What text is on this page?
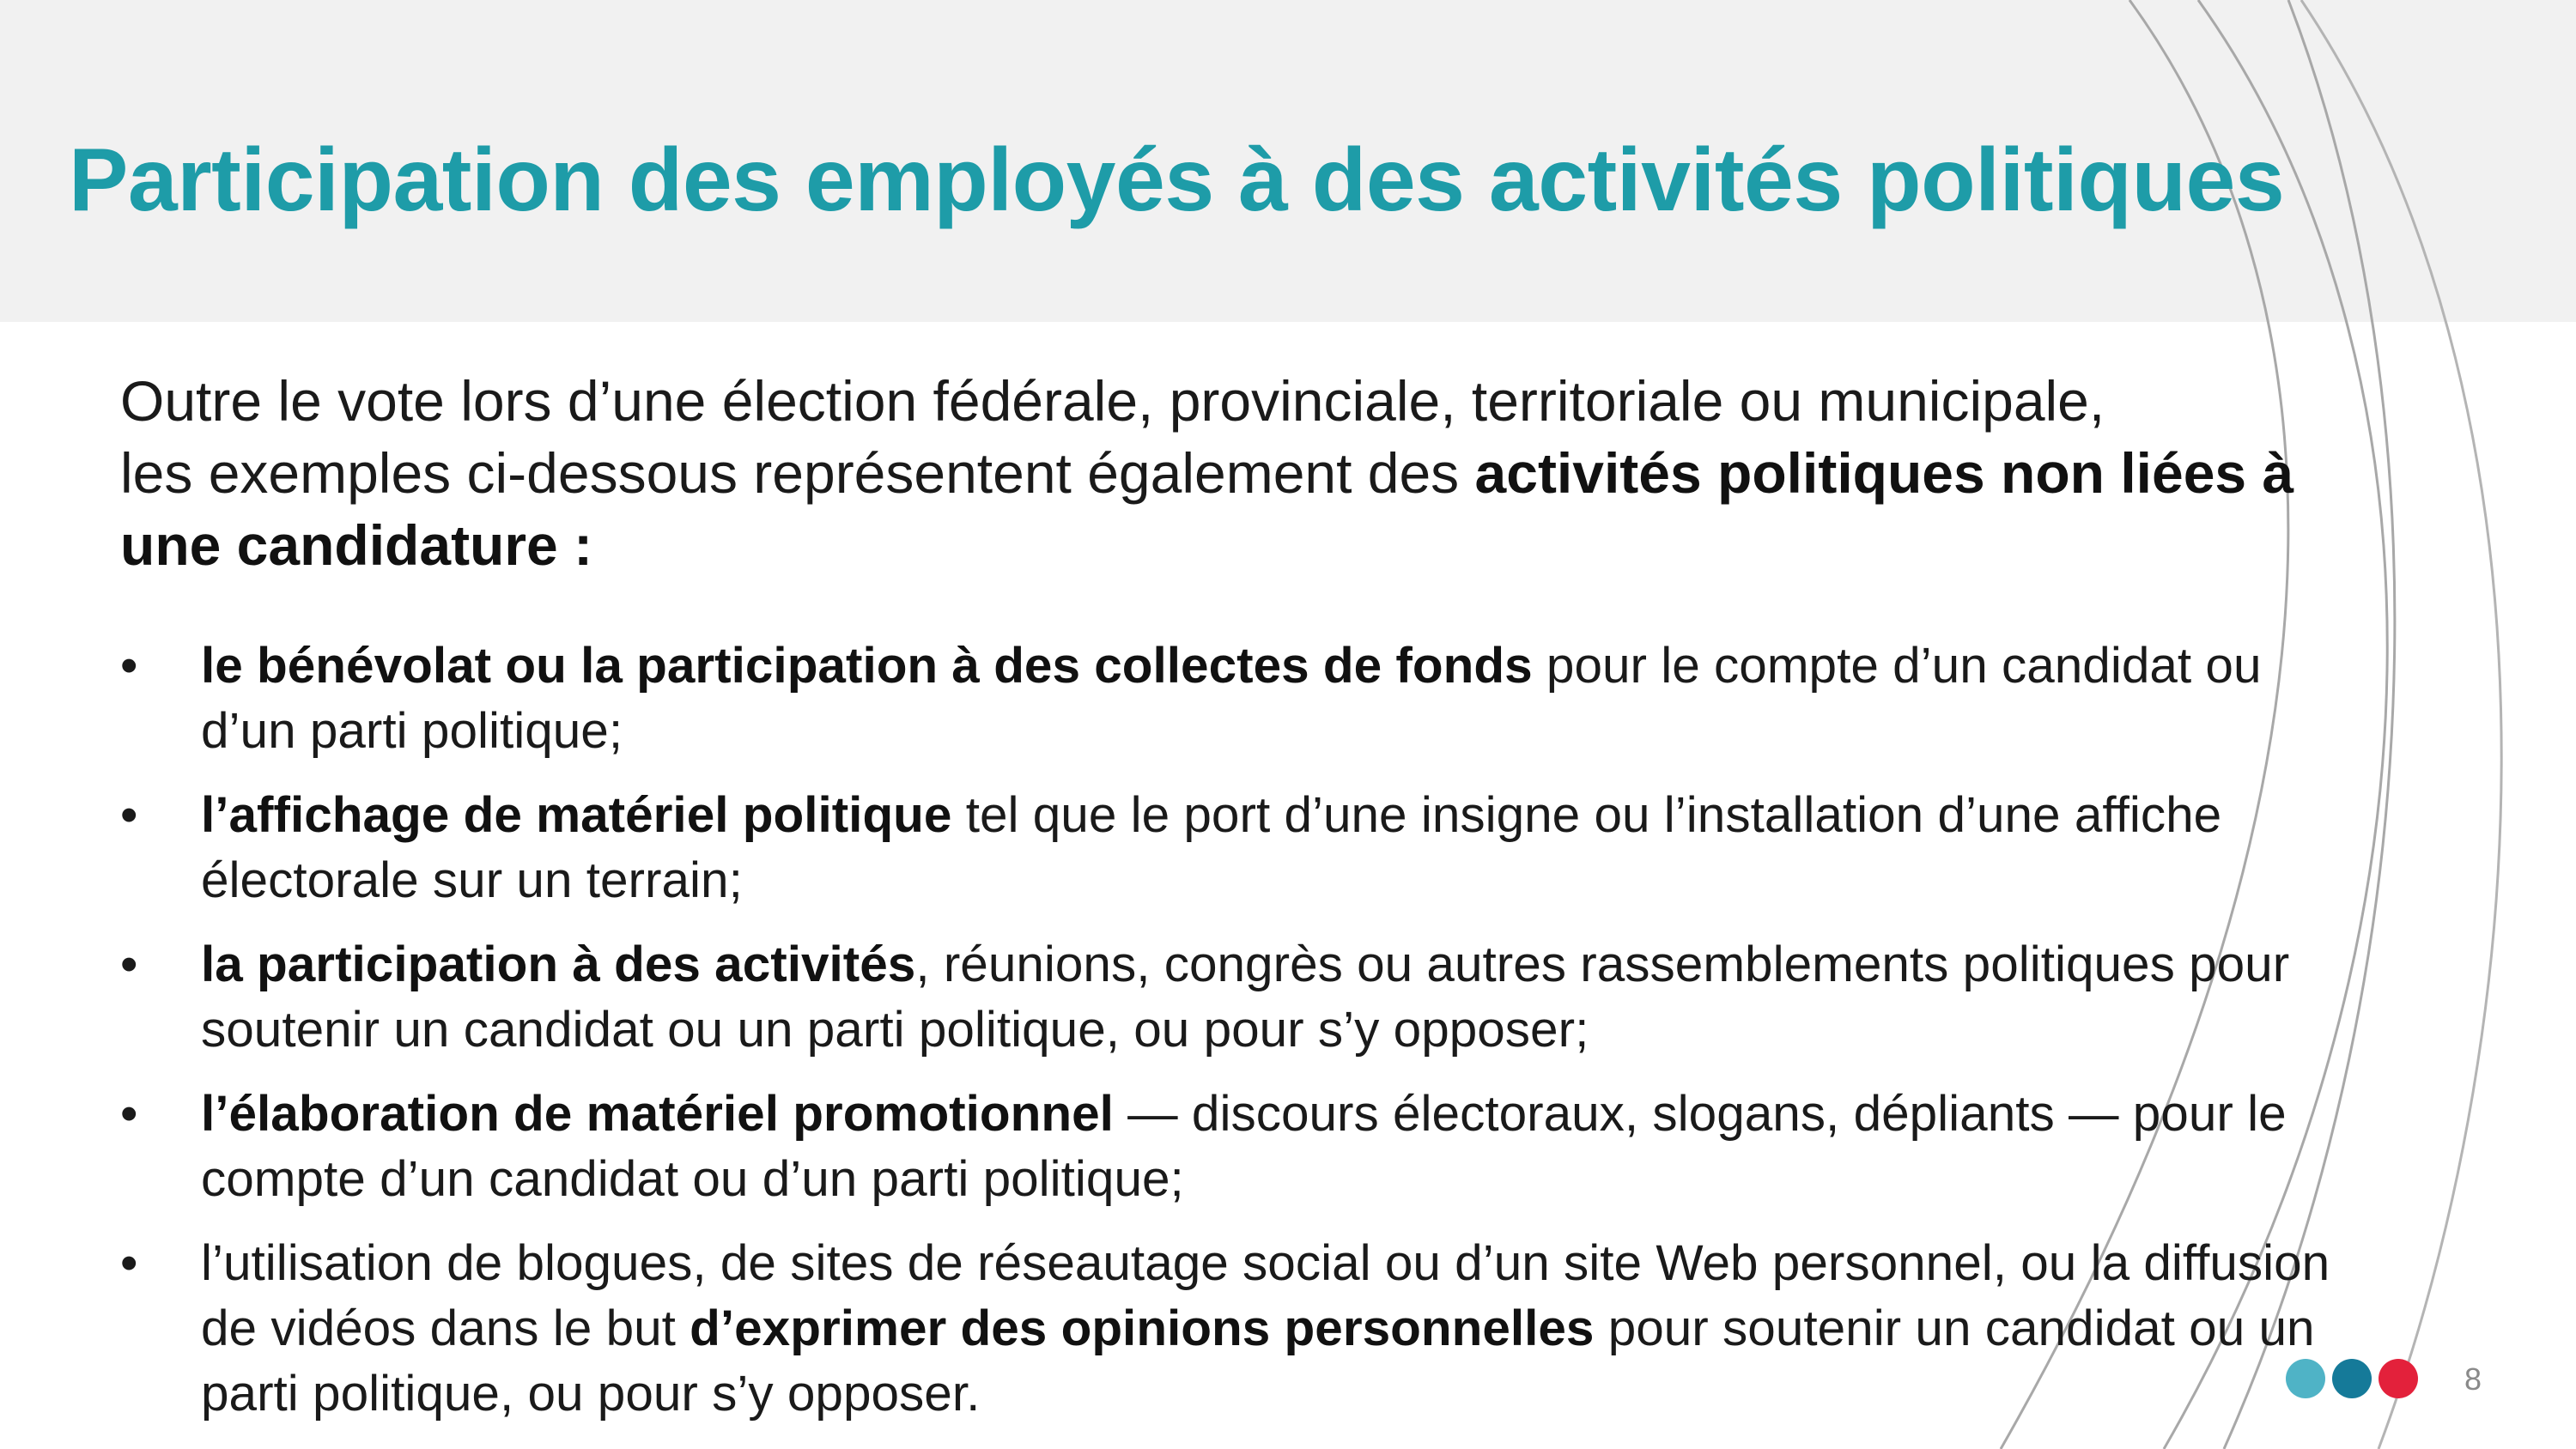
Participation des employés à des activités politiques

Outre le vote lors d’une élection fédérale, provinciale, territoriale ou municipale,
les exemples ci-dessous représentent également des activités politiques non liées à une candidature :

•	le bénévolat ou la participation à des collectes de fonds pour le compte d’un candidat ou d’un parti politique;
•	l’affichage de matériel politique tel que le port d’une insigne ou l’installation d’une affiche électorale sur un terrain;
•	la participation à des activités, réunions, congrès ou autres rassemblements politiques pour soutenir un candidat ou un parti politique, ou pour s’y opposer;
•	l’élaboration de matériel promotionnel — discours électoraux, slogans, dépliants — pour le compte d’un candidat ou d’un parti politique;
•	l’utilisation de blogues, de sites de réseautage social ou d’un site Web personnel, ou la diffusion de vidéos dans le but d’exprimer des opinions personnelles pour soutenir un candidat ou un parti politique, ou pour s’y opposer.	8
